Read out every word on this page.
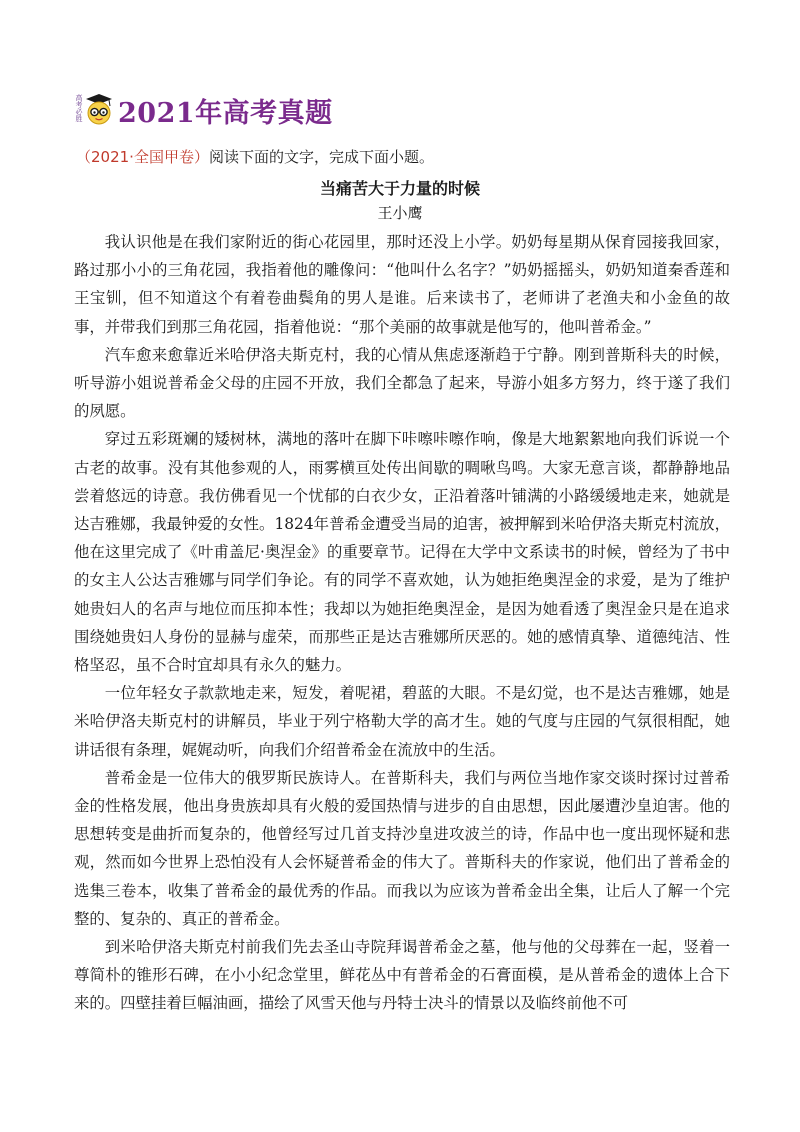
高考必胜 2021年高考真题
（2021·全国甲卷）阅读下面的文字，完成下面小题。
当痛苦大于力量的时候
王小鹰

我认识他是在我们家附近的街心花园里，那时还没上小学。奶奶每星期从保育园接我回家，路过那小小的三角花园，我指着他的雕像问：“他叫什么名字？”奶奶摇摇头，奶奶知道秦香莲和王宝钏，但不知道这个有着卷曲鬓角的男人是谁。后来读书了，老师讲了老渔夫和小金鱼的故事，并带我们到那三角花园，指着他说：“那个美丽的故事就是他写的，他叫普希金。”

汽车愈来愈靠近米哈伊洛夫斯克村，我的心情从焦虑逐渐趋于宁静。刚到普斯科夫的时候，听导游小姐说普希金父母的庄园不开放，我们全都急了起来，导游小姐多方努力，终于遂了我们的夙愿。

穿过五彩斑斓的矮树林，满地的落叶在脚下咔嚓咔嚓作响，像是大地絮絮地向我们诉说一个古老的故事。没有其他参观的人，雨雾横亘处传出间歇的啁啾鸟鸣。大家无意言谈，都静静地品尝着悠远的诗意。我仿佛看见一个忧郁的白衣少女，正沿着落叶铺满的小路缓缓地走来，她就是达吉雅娜，我最钟爱的女性。1824年普希金遭受当局的迫害，被押解到米哈伊洛夫斯克村流放，他在这里完成了《叶甫盖尼·奥涅金》的重要章节。记得在大学中文系读书的时候，曾经为了书中的女主人公达吉雅娜与同学们争论。有的同学不喜欢她，认为她拒绝奥涅金的求爱，是为了维护她贵妇人的名声与地位而压抑本性；我却以为她拒绝奥涅金，是因为她看透了奥涅金只是在追求围绕她贵妇人身份的显赫与虚荣，而那些正是达吉雅娜所厌恶的。她的感情真挚、道德纯洁、性格坚忍，虽不合时宜却具有永久的魅力。

一位年轻女子款款地走来，短发，着呢裙，碧蓝的大眼。不是幻觉，也不是达吉雅娜，她是米哈伊洛夫斯克村的讲解员，毕业于列宁格勒大学的高才生。她的气度与庄园的气氛很相配，她讲话很有条理，娓娓动听，向我们介绍普希金在流放中的生活。

普希金是一位伟大的俄罗斯民族诗人。在普斯科夫，我们与两位当地作家交谈时探讨过普希金的性格发展，他出身贵族却具有火般的爱国热情与进步的自由思想，因此屡遭沙皇迫害。他的思想转变是曲折而复杂的，他曾经写过几首支持沙皇进攻波兰的诗，作品中也一度出现怀疑和悲观，然而如今世界上恐怕没有人会怀疑普希金的伟大了。普斯科夫的作家说，他们出了普希金的选集三卷本，收集了普希金的最优秀的作品。而我以为应该为普希金出全集，让后人了解一个完整的、复杂的、真正的普希金。

到米哈伊洛夫斯克村前我们先去圣山寺院拜谒普希金之墓，他与他的父母葬在一起，竖着一尊简朴的锥形石碑，在小小纪念堂里，鲜花丛中有普希金的石膏面模，是从普希金的遗体上合下来的。四壁挂着巨幅油画，描绘了风雪天他与丹特士决斗的情景以及临终前他不可
